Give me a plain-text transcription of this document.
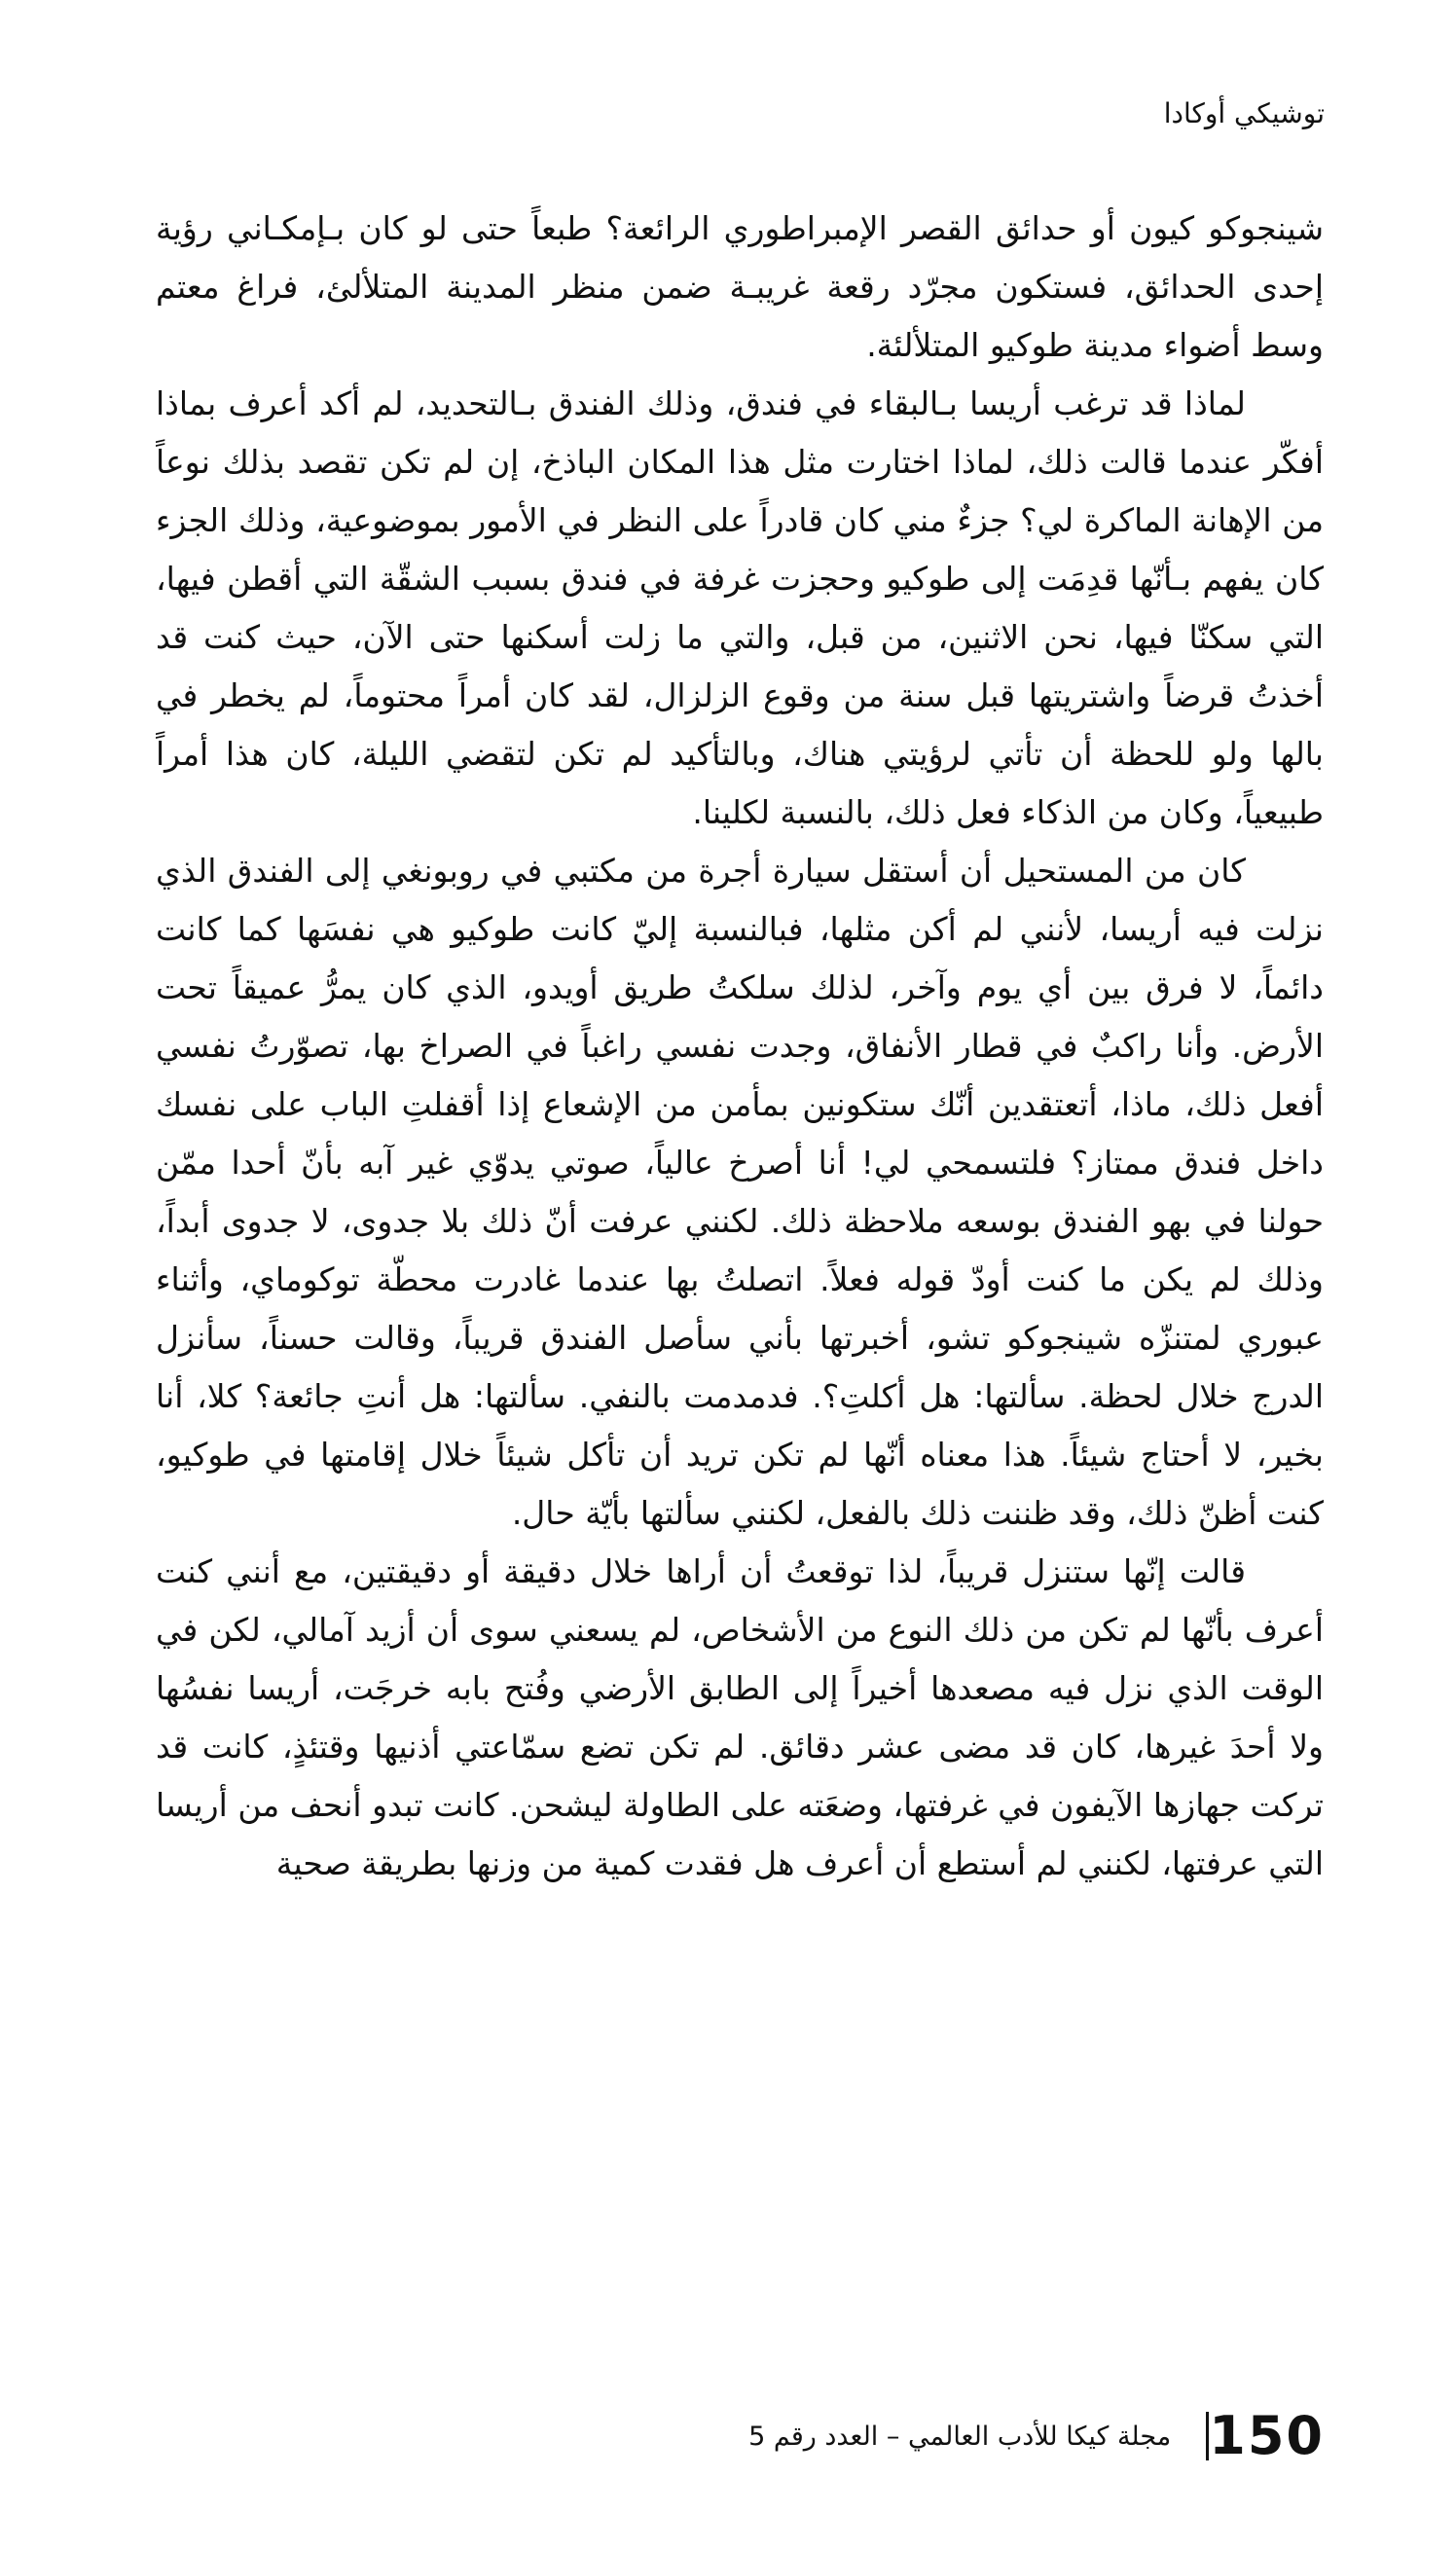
توشيكي أوكادا

شينجوكو كيون أو حدائق القصر الإمبراطوري الرائعة؟ طبعاً حتى لو كان بـإمكـاني رؤية إحدى الحدائق، فستكون مجرّد رقعة غريبـة ضمن منظر المدينة المتلألئ، فراغ معتم وسط أضواء مدينة طوكيو المتلألئة.

لماذا قد ترغب أريسا بـالبقاء في فندق، وذلك الفندق بـالتحديد، لم أكد أعرف بماذا أفكّر عندما قالت ذلك، لماذا اختارت مثل هذا المكان الباذخ، إن لم تكن تقصد بذلك نوعاً من الإهانة الماكرة لي؟ جزءٌ مني كان قادراً على النظر في الأمور بموضوعية، وذلك الجزء كان يفهم بـأنّها قدِمَت إلى طوكيو وحجزت غرفة في فندق بسبب الشقّة التي أقطن فيها، التي سكنّا فيها، نحن الاثنين، من قبل، والتي ما زلت أسكنها حتى الآن، حيث كنت قد أخذتُ قرضاً واشتريتها قبل سنة من وقوع الزلزال، لقد كان أمراً محتوماً، لم يخطر في بالها ولو للحظة أن تأتي لرؤيتي هناك، وبالتأكيد لم تكن لتقضي الليلة، كان هذا أمراً طبيعياً، وكان من الذكاء فعل ذلك، بالنسبة لكلينا.

كان من المستحيل أن أستقل سيارة أجرة من مكتبي في روبونغي إلى الفندق الذي نزلت فيه أريسا، لأنني لم أكن مثلها، فبالنسبة إليّ كانت طوكيو هي نفسَها كما كانت دائماً، لا فرق بين أي يوم وآخر، لذلك سلكتُ طريق أويدو، الذي كان يمرُّ عميقاً تحت الأرض. وأنا راكبٌ في قطار الأنفاق، وجدت نفسي راغباً في الصراخ بها، تصوّرتُ نفسي أفعل ذلك، ماذا، أتعتقدين أنّك ستكونين بمأمن من الإشعاع إذا أقفلتِ الباب على نفسك داخل فندق ممتاز؟ فلتسمحي لي! أنا أصرخ عالياً، صوتي يدوّي غير آبه بأنّ أحدا ممّن حولنا في بهو الفندق بوسعه ملاحظة ذلك. لكنني عرفت أنّ ذلك بلا جدوى، لا جدوى أبداً، وذلك لم يكن ما كنت أودّ قوله فعلاً. اتصلتُ بها عندما غادرت محطّة توكوماي، وأثناء عبوري لمتنزّه شينجوكو تشو، أخبرتها بأني سأصل الفندق قريباً، وقالت حسناً، سأنزل الدرج خلال لحظة. سألتها: هل أكلتِ؟. فدمدمت بالنفي. سألتها: هل أنتِ جائعة؟ كلا، أنا بخير، لا أحتاج شيئاً. هذا معناه أنّها لم تكن تريد أن تأكل شيئاً خلال إقامتها في طوكيو، كنت أظنّ ذلك، وقد ظننت ذلك بالفعل، لكنني سألتها بأيّة حال.

قالت إنّها ستنزل قريباً، لذا توقعتُ أن أراها خلال دقيقة أو دقيقتين، مع أنني كنت أعرف بأنّها لم تكن من ذلك النوع من الأشخاص، لم يسعني سوى أن أزيد آمالي، لكن في الوقت الذي نزل فيه مصعدها أخيراً إلى الطابق الأرضي وفُتح بابه خرجَت، أريسا نفسُها ولا أحدَ غيرها، كان قد مضى عشر دقائق. لم تكن تضع سمّاعتي أذنيها وقتئذٍ، كانت قد تركت جهازها الآيفون في غرفتها، وضعَته على الطاولة ليشحن. كانت تبدو أنحف من أريسا التي عرفتها، لكنني لم أستطع أن أعرف هل فقدت كمية من وزنها بطريقة صحية

150
مجلة كيكا للأدب العالمي – العدد رقم 5
